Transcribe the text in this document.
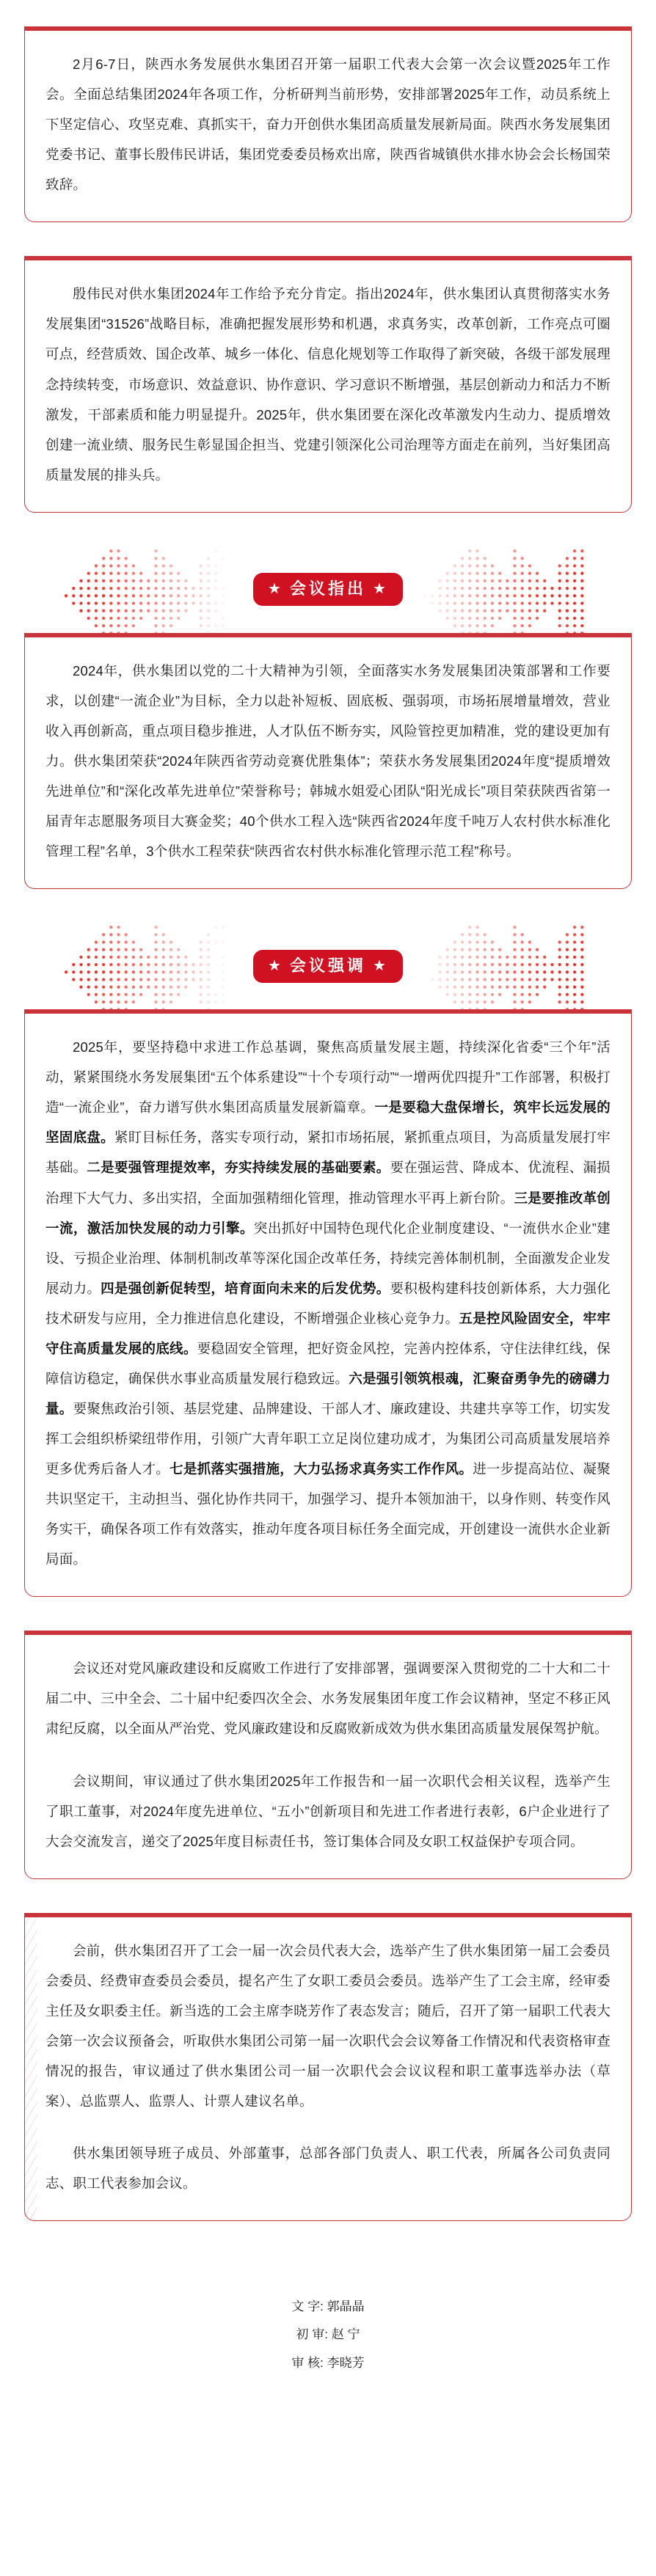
2月6-7日，陕西水务发展供水集团召开第一届职工代表大会第一次会议暨2025年工作会。全面总结集团2024年各项工作，分析研判当前形势，安排部署2025年工作，动员系统上下坚定信心、攻坚克难、真抓实干，奋力开创供水集团高质量发展新局面。陕西水务发展集团党委书记、董事长殷伟民讲话，集团党委委员杨欢出席，陕西省城镇供水排水协会会长杨国荣致辞。

殷伟民对供水集团2024年工作给予充分肯定。指出2024年，供水集团认真贯彻落实水务发展集团“31526”战略目标，准确把握发展形势和机遇，求真务实，改革创新，工作亮点可圈可点，经营质效、国企改革、城乡一体化、信息化规划等工作取得了新突破，各级干部发展理念持续转变，市场意识、效益意识、协作意识、学习意识不断增强，基层创新动力和活力不断激发，干部素质和能力明显提升。2025年，供水集团要在深化改革激发内生动力、提质增效创建一流业绩、服务民生彰显国企担当、党建引领深化公司治理等方面走在前列，当好集团高质量发展的排头兵。

★ 会议指出 ★

2024年，供水集团以党的二十大精神为引领，全面落实水务发展集团决策部署和工作要求，以创建“一流企业”为目标，全力以赴补短板、固底板、强弱项，市场拓展增量增效，营业收入再创新高，重点项目稳步推进，人才队伍不断夯实，风险管控更加精准，党的建设更加有力。供水集团荣获“2024年陕西省劳动竞赛优胜集体”；荣获水务发展集团2024年度“提质增效先进单位”和“深化改革先进单位”荣誉称号；韩城水姐爱心团队“阳光成长”项目荣获陕西省第一届青年志愿服务项目大赛金奖；40个供水工程入选“陕西省2024年度千吨万人农村供水标准化管理工程”名单，3个供水工程荣获“陕西省农村供水标准化管理示范工程”称号。

★ 会议强调 ★

2025年，要坚持稳中求进工作总基调，聚焦高质量发展主题，持续深化省委“三个年”活动，紧紧围绕水务发展集团“五个体系建设”“十个专项行动”“一增两优四提升”工作部署，积极打造“一流企业”，奋力谱写供水集团高质量发展新篇章。一是要稳大盘保增长，筑牢长远发展的坚固底盘。紧盯目标任务，落实专项行动，紧扣市场拓展，紧抓重点项目，为高质量发展打牢基础。二是要强管理提效率，夯实持续发展的基础要素。要在强运营、降成本、优流程、漏损治理下大气力、多出实招，全面加强精细化管理，推动管理水平再上新台阶。三是要推改革创一流，激活加快发展的动力引擎。突出抓好中国特色现代化企业制度建设、“一流供水企业”建设、亏损企业治理、体制机制改革等深化国企改革任务，持续完善体制机制，全面激发企业发展动力。四是强创新促转型，培育面向未来的后发优势。要积极构建科技创新体系，大力强化技术研发与应用，全力推进信息化建设，不断增强企业核心竞争力。五是控风险固安全，牢牢守住高质量发展的底线。要稳固安全管理，把好资金风控，完善内控体系，守住法律红线，保障信访稳定，确保供水事业高质量发展行稳致远。六是强引领筑根魂，汇聚奋勇争先的磅礴力量。要聚焦政治引领、基层党建、品牌建设、干部人才、廉政建设、共建共享等工作，切实发挥工会组织桥梁纽带作用，引领广大青年职工立足岗位建功成才，为集团公司高质量发展培养更多优秀后备人才。七是抓落实强措施，大力弘扬求真务实工作作风。进一步提高站位、凝聚共识坚定干，主动担当、强化协作共同干，加强学习、提升本领加油干，以身作则、转变作风务实干，确保各项工作有效落实，推动年度各项目标任务全面完成，开创建设一流供水企业新局面。

会议还对党风廉政建设和反腐败工作进行了安排部署，强调要深入贯彻党的二十大和二十届二中、三中全会、二十届中纪委四次全会、水务发展集团年度工作会议精神，坚定不移正风肃纪反腐，以全面从严治党、党风廉政建设和反腐败新成效为供水集团高质量发展保驾护航。

会议期间，审议通过了供水集团2025年工作报告和一届一次职代会相关议程，选举产生了职工董事，对2024年度先进单位、“五小”创新项目和先进工作者进行表彰，6户企业进行了大会交流发言，递交了2025年度目标责任书，签订集体合同及女职工权益保护专项合同。

会前，供水集团召开了工会一届一次会员代表大会，选举产生了供水集团第一届工会委员会委员、经费审查委员会委员，提名产生了女职工委员会委员。选举产生了工会主席，经审委主任及女职委主任。新当选的工会主席李晓芳作了表态发言；随后，召开了第一届职工代表大会第一次会议预备会，听取供水集团公司第一届一次职代会会议筹备工作情况和代表资格审查情况的报告，审议通过了供水集团公司一届一次职代会会议议程和职工董事选举办法（草案）、总监票人、监票人、计票人建议名单。

供水集团领导班子成员、外部董事，总部各部门负责人、职工代表，所属各公司负责同志、职工代表参加会议。

文 字: 郭晶晶
初 审: 赵 宁
审 核: 李晓芳
